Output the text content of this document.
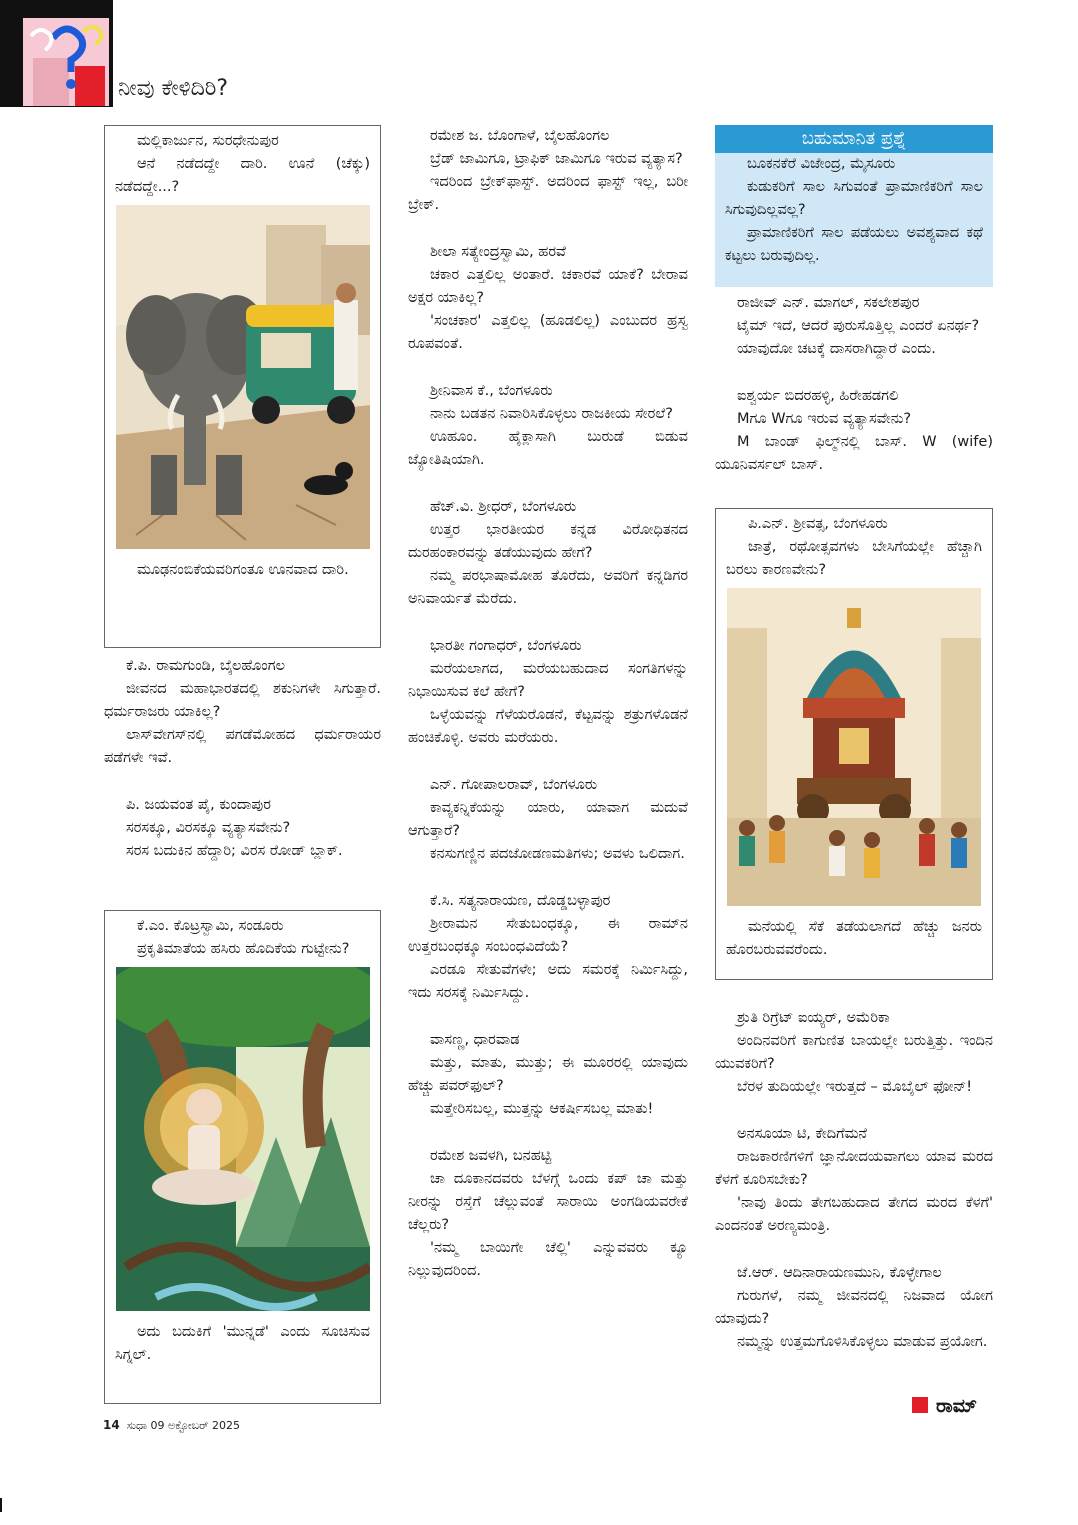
ನೀವು ಕೇಳಿದಿರಿ?

ಮಲ್ಲಿಕಾರ್ಜುನ, ಸುರಧೇನುಪುರ

ಆನೆ ನಡೆದದ್ದೇ ದಾರಿ. ಊನೆ (ಚೆಕ್ಕು) ನಡೆದದ್ದೇ...?

ಮೂಢನಂಬಿಕೆಯವರಿಗಂತೂ ಊನವಾದ ದಾರಿ.

ಕೆ.ಪಿ. ರಾಮಗುಂಡಿ, ಬೈಲಹೊಂಗಲ

ಜೀವನದ ಮಹಾಭಾರತದಲ್ಲಿ ಶಕುನಿಗಳೇ ಸಿಗುತ್ತಾರೆ. ಧರ್ಮರಾಜರು ಯಾಕಿಲ್ಲ?

ಲಾಸ್‌ವೇಗಸ್‌ನಲ್ಲಿ ಪಗಡೆಮೋಹದ ಧರ್ಮರಾಯರ ಪಡೆಗಳೇ ಇವೆ.

ಪಿ. ಜಯವಂತ ಪೈ, ಕುಂದಾಪುರ

ಸರಸಕ್ಕೂ, ವಿರಸಕ್ಕೂ ವ್ಯತ್ಯಾಸವೇನು?

ಸರಸ ಬದುಕಿನ ಹೆದ್ದಾರಿ; ವಿರಸ ರೋಡ್ ಬ್ಲಾಕ್.

ಕೆ.ಎಂ. ಕೊಟ್ರಸ್ವಾಮಿ, ಸಂಡೂರು

ಪ್ರಕೃತಿಮಾತೆಯ ಹಸಿರು ಹೊದಿಕೆಯ ಗುಟ್ಟೇನು?

ಅದು ಬದುಕಿಗೆ 'ಮುನ್ನಡೆ' ಎಂದು ಸೂಚಿಸುವ ಸಿಗ್ನಲ್.

ರಮೇಶ ಜ. ಬೊಂಗಾಳೆ, ಬೈಲಹೊಂಗಲ

ಬ್ರೆಡ್ ಜಾಮಿಗೂ, ಟ್ರಾಫಿಕ್ ಜಾಮಿಗೂ ಇರುವ ವ್ಯತ್ಯಾಸ?

ಇದರಿಂದ ಬ್ರೇಕ್‌ಫಾಸ್ಟ್. ಅದರಿಂದ ಫಾಸ್ಟ್ ಇಲ್ಲ, ಬರೀ ಬ್ರೇಕ್.

ಶೀಲಾ ಸತ್ಯೇಂದ್ರಸ್ವಾಮಿ, ಹರವೆ

ಚಕಾರ ಎತ್ತಲಿಲ್ಲ ಅಂತಾರೆ. ಚಕಾರವೆ ಯಾಕೆ? ಬೇರಾವ ಅಕ್ಷರ ಯಾಕಿಲ್ಲ?

'ಸಂಚಕಾರ' ಎತ್ತಲಿಲ್ಲ (ಹೂಡಲಿಲ್ಲ) ಎಂಬುದರ ಹ್ರಸ್ವ ರೂಪವಂತೆ.

ಶ್ರೀನಿವಾಸ ಕೆ., ಬೆಂಗಳೂರು

ನಾನು ಬಡತನ ನಿವಾರಿಸಿಕೊಳ್ಳಲು ರಾಜಕೀಯ ಸೇರಲೆ?

ಊಹೂಂ. ಹೈಕ್ಲಾಸಾಗಿ ಬುರುಡೆ ಬಿಡುವ ಜ್ಯೋತಿಷಿಯಾಗಿ.

ಹೆಚ್.ವಿ. ಶ್ರೀಧರ್, ಬೆಂಗಳೂರು

ಉತ್ತರ ಭಾರತೀಯರ ಕನ್ನಡ ವಿರೋಧಿತನದ ದುರಹಂಕಾರವನ್ನು ತಡೆಯುವುದು ಹೇಗೆ?

ನಮ್ಮ ಪರಭಾಷಾಮೋಹ ತೊರೆದು, ಅವರಿಗೆ ಕನ್ನಡಿಗರ ಅನಿವಾರ್ಯತೆ ಮೆರೆದು.

ಭಾರತೀ ಗಂಗಾಧರ್, ಬೆಂಗಳೂರು

ಮರೆಯಲಾಗದ, ಮರೆಯಬಹುದಾದ ಸಂಗತಿಗಳನ್ನು ನಿಭಾಯಿಸುವ ಕಲೆ ಹೇಗೆ?

ಒಳ್ಳೆಯವನ್ನು ಗೆಳೆಯರೊಡನೆ, ಕೆಟ್ಟವನ್ನು ಶತ್ರುಗಳೊಡನೆ ಹಂಚಿಕೊಳ್ಳಿ. ಅವರು ಮರೆಯರು.

ಎನ್. ಗೋಪಾಲರಾವ್, ಬೆಂಗಳೂರು

ಕಾವ್ಯಕನ್ನಿಕೆಯನ್ನು ಯಾರು, ಯಾವಾಗ ಮದುವೆ ಆಗುತ್ತಾರೆ?

ಕನಸುಗಣ್ಣಿನ ಪದಜೋಡಣಮತಿಗಳು; ಅವಳು ಒಲಿದಾಗ.

ಕೆ.ಸಿ. ಸತ್ಯನಾರಾಯಣ, ದೊಡ್ಡಬಳ್ಳಾಪುರ

ಶ್ರೀರಾಮನ ಸೇತುಬಂಧಕ್ಕೂ, ಈ ರಾಮ್‌ನ ಉತ್ತರಬಂಧಕ್ಕೂ ಸಂಬಂಧವಿದೆಯೆ?

ಎರಡೂ ಸೇತುವೆಗಳೇ; ಅದು ಸಮರಕ್ಕೆ ನಿರ್ಮಿಸಿದ್ದು, ಇದು ಸರಸಕ್ಕೆ ನಿರ್ಮಿಸಿದ್ದು.

ವಾಸಣ್ಣ, ಧಾರವಾಡ

ಮತ್ತು, ಮಾತು, ಮುತ್ತು; ಈ ಮೂರರಲ್ಲಿ ಯಾವುದು ಹೆಚ್ಚು ಪವರ್‌ಫುಲ್?

ಮತ್ತೇರಿಸಬಲ್ಲ, ಮುತ್ತನ್ನು ಆಕರ್ಷಿಸಬಲ್ಲ ಮಾತು!

ರಮೇಶ ಜವಳಗಿ, ಬನಹಟ್ಟಿ

ಚಾ ದೂಕಾನದವರು ಬೆಳಗ್ಗೆ ಒಂದು ಕಪ್ ಚಾ ಮತ್ತು ನೀರನ್ನು ರಸ್ತೆಗೆ ಚೆಲ್ಲುವಂತೆ ಸಾರಾಯಿ ಅಂಗಡಿಯವರೇಕೆ ಚೆಲ್ಲರು?

'ನಮ್ಮ ಬಾಯಿಗೇ ಚೆಲ್ಲಿ' ಎನ್ನುವವರು ಕ್ಯೂ ನಿಲ್ಲುವುದರಿಂದ.

ಬಹುಮಾನಿತ ಪ್ರಶ್ನೆ

ಬೂಕನಕೆರೆ ವಿಜೇಂದ್ರ, ಮೈಸೂರು

ಕುಡುಕರಿಗೆ ಸಾಲ ಸಿಗುವಂತೆ ಪ್ರಾಮಾಣಿಕರಿಗೆ ಸಾಲ ಸಿಗುವುದಿಲ್ಲವಲ್ಲ?

ಪ್ರಾಮಾಣಿಕರಿಗೆ ಸಾಲ ಪಡೆಯಲು ಅವಶ್ಯವಾದ ಕಥೆ ಕಟ್ಟಲು ಬರುವುದಿಲ್ಲ.

ರಾಜೀವ್ ಎನ್. ಮಾಗಲ್, ಸಕಲೇಶಪುರ

ಟೈಮ್ ಇದೆ, ಆದರೆ ಪುರುಸೊತ್ತಿಲ್ಲ ಎಂದರೆ ಏನರ್ಥ?

ಯಾವುದೋ ಚಟಕ್ಕೆ ದಾಸರಾಗಿದ್ದಾರೆ ಎಂದು.

ಐಶ್ವರ್ಯ ಬಿದರಹಳ್ಳಿ, ಹಿರೇಹಡಗಲಿ

Mಗೂ Wಗೂ ಇರುವ ವ್ಯತ್ಯಾಸವೇನು?

M ಬಾಂಡ್ ಫಿಲ್ಮ್‌ನಲ್ಲಿ ಬಾಸ್. W (wife) ಯೂನಿವರ್ಸಲ್ ಬಾಸ್.

ಪಿ.ಎನ್. ಶ್ರೀವತ್ಸ, ಬೆಂಗಳೂರು

ಜಾತ್ರೆ, ರಥೋತ್ಸವಗಳು ಬೇಸಿಗೆಯಲ್ಲೇ ಹೆಚ್ಚಾಗಿ ಬರಲು ಕಾರಣವೇನು?

ಮನೆಯಲ್ಲಿ ಸೆಕೆ ತಡೆಯಲಾಗದೆ ಹೆಚ್ಚು ಜನರು ಹೊರಬರುವವರೆಂದು.

ಶ್ರುತಿ ರಿಗ್ರೆಟ್ ಐಯ್ಯರ್, ಅಮೆರಿಕಾ

ಅಂದಿನವರಿಗೆ ಕಾಗುಣಿತ ಬಾಯಲ್ಲೇ ಬರುತ್ತಿತ್ತು. ಇಂದಿನ ಯುವಕರಿಗೆ?

ಬೆರಳ ತುದಿಯಲ್ಲೇ ಇರುತ್ತದೆ – ಮೊಬೈಲ್ ಫೋನ್!

ಅನಸೂಯಾ ಟಿ, ಕೇದಿಗೆಮನೆ

ರಾಜಕಾರಣಿಗಳಿಗೆ ಜ್ಞಾನೋದಯವಾಗಲು ಯಾವ ಮರದ ಕೆಳಗೆ ಕೂರಿಸಬೇಕು?

'ನಾವು ತಿಂದು ತೇಗಬಹುದಾದ ತೇಗದ ಮರದ ಕೆಳಗೆ' ಎಂದನಂತೆ ಅರಣ್ಯಮಂತ್ರಿ.

ಜೆ.ಆರ್. ಆದಿನಾರಾಯಣಮುನಿ, ಕೊಳ್ಳೇಗಾಲ

ಗುರುಗಳೆ, ನಮ್ಮ ಜೀವನದಲ್ಲಿ ನಿಜವಾದ ಯೋಗ ಯಾವುದು?

ನಮ್ಮನ್ನು ಉತ್ತಮಗೊಳಿಸಿಕೊಳ್ಳಲು ಮಾಡುವ ಪ್ರಯೋಗ.

ರಾಮ್
14 ಸುಧಾ 09 ಅಕ್ಟೋಬರ್ 2025
